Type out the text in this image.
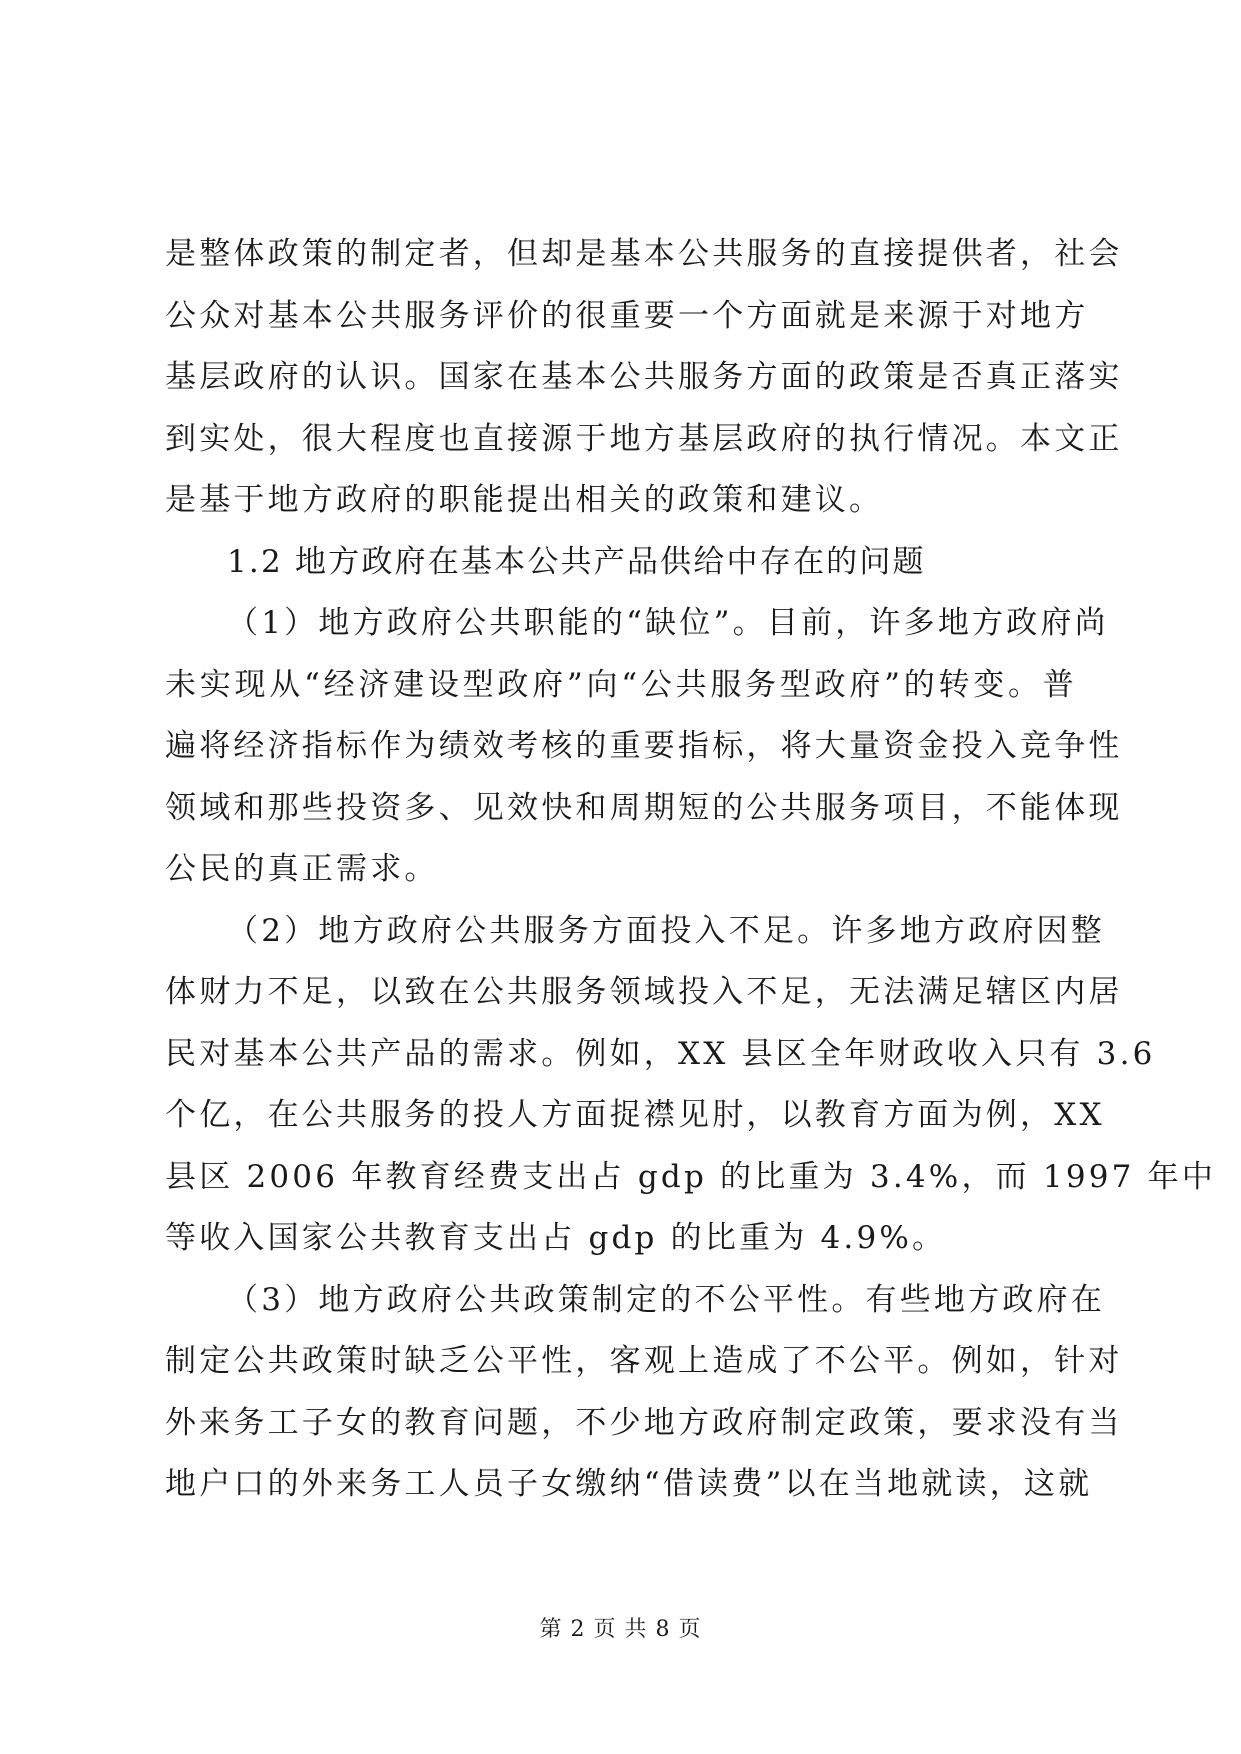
是整体政策的制定者，但却是基本公共服务的直接提供者，社会
公众对基本公共服务评价的很重要一个方面就是来源于对地方
基层政府的认识。国家在基本公共服务方面的政策是否真正落实
到实处，很大程度也直接源于地方基层政府的执行情况。本文正
是基于地方政府的职能提出相关的政策和建议。
1.2 地方政府在基本公共产品供给中存在的问题
（1）地方政府公共职能的“缺位”。目前，许多地方政府尚
未实现从“经济建设型政府”向“公共服务型政府”的转变。普
遍将经济指标作为绩效考核的重要指标，将大量资金投入竞争性
领域和那些投资多、见效快和周期短的公共服务项目，不能体现
公民的真正需求。
（2）地方政府公共服务方面投入不足。许多地方政府因整
体财力不足，以致在公共服务领域投入不足，无法满足辖区内居
民对基本公共产品的需求。例如，XX 县区全年财政收入只有 3.6
个亿，在公共服务的投人方面捉襟见肘，以教育方面为例，XX
县区 2006 年教育经费支出占 gdp 的比重为 3.4%，而 1997 年中
等收入国家公共教育支出占 gdp 的比重为 4.9%。
（3）地方政府公共政策制定的不公平性。有些地方政府在
制定公共政策时缺乏公平性，客观上造成了不公平。例如，针对
外来务工子女的教育问题，不少地方政府制定政策，要求没有当
地户口的外来务工人员子女缴纳“借读费”以在当地就读，这就
第 2 页 共 8 页
